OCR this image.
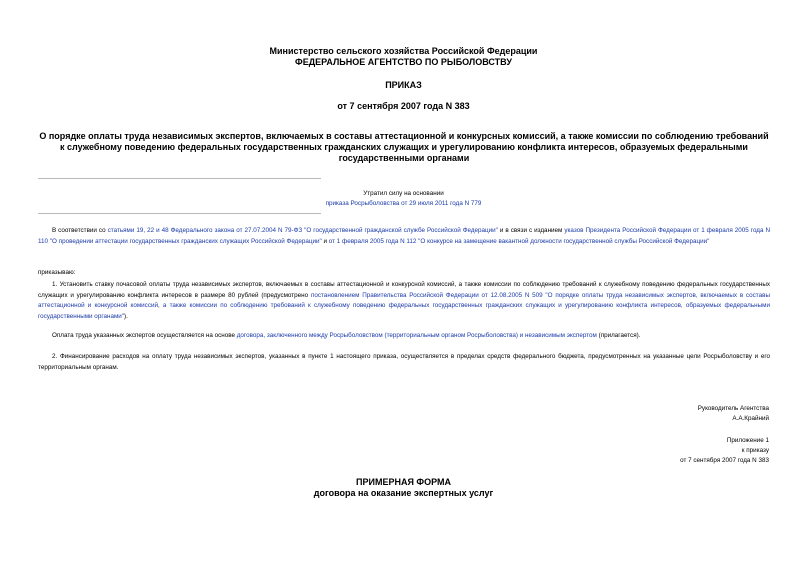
Министерство сельского хозяйства Российской Федерации
ФЕДЕРАЛЬНОЕ АГЕНТСТВО ПО РЫБОЛОВСТВУ
ПРИКАЗ
от 7 сентября 2007 года N 383
О порядке оплаты труда независимых экспертов, включаемых в составы аттестационной и конкурсных комиссий, а также комиссии по соблюдению требований к служебному поведению федеральных государственных гражданских служащих и урегулированию конфликта интересов, образуемых федеральными государственными органами
Утратил силу на основании
приказа Росрыболовства от 29 июля 2011 года N 779
В соответствии со статьями 19, 22 и 48 Федерального закона от 27.07.2004 N 79-ФЗ "О государственной гражданской службе Российской Федерации" и в связи с изданием указов Президента Российской Федерации от 1 февраля 2005 года N 110 "О проведении аттестации государственных гражданских служащих Российской Федерации" и от 1 февраля 2005 года N 112 "О конкурсе на замещение вакантной должности государственной службы Российской Федерации"
приказываю:
1. Установить ставку почасовой оплаты труда независимых экспертов, включаемых в составы аттестационной и конкурсной комиссий, а также комиссии по соблюдению требований к служебному поведению федеральных государственных служащих и урегулированию конфликта интересов в размере 80 рублей (предусмотрено постановлением Правительства Российской Федерации от 12.08.2005 N 509 "О порядке оплаты труда независимых экспертов, включаемых в составы аттестационной и конкурсной комиссий, а также комиссии по соблюдению требований к служебному поведению федеральных государственных гражданских служащих и урегулированию конфликта интересов, образуемых федеральными государственными органами").
Оплата труда указанных экспертов осуществляется на основе договора, заключенного между Росрыболовством (территориальным органом Росрыболовства) и независимым экспертом (прилагается).
2. Финансирование расходов на оплату труда независимых экспертов, указанных в пункте 1 настоящего приказа, осуществляется в пределах средств федерального бюджета, предусмотренных на указанные цели Росрыболовству и его территориальным органам.
Руководитель Агентства
А.А.Крайний
Приложение 1
к приказу
от 7 сентября 2007 года N 383
ПРИМЕРНАЯ ФОРМА
договора на оказание экспертных услуг
